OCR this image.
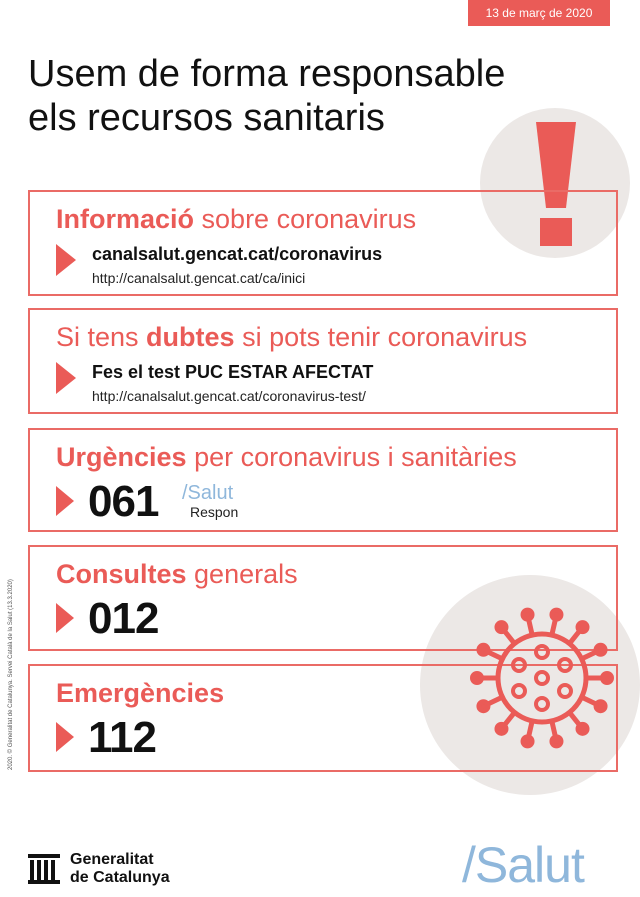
13 de març de 2020
Usem de forma responsable
els recursos sanitaris
Informació sobre coronavirus
canalsalut.gencat.cat/coronavirus
http://canalsalut.gencat.cat/ca/inici
Si tens dubtes si pots tenir coronavirus
Fes el test PUC ESTAR AFECTAT
http://canalsalut.gencat.cat/coronavirus-test/
Urgències per coronavirus i sanitàries
061 /Salut
Respon
Consultes generals
012
Emergències
112
2020. © Generalitat de Catalunya. Servei Català de la Salut (13.3.2020)
Generalitat
de Catalunya	/Salut
